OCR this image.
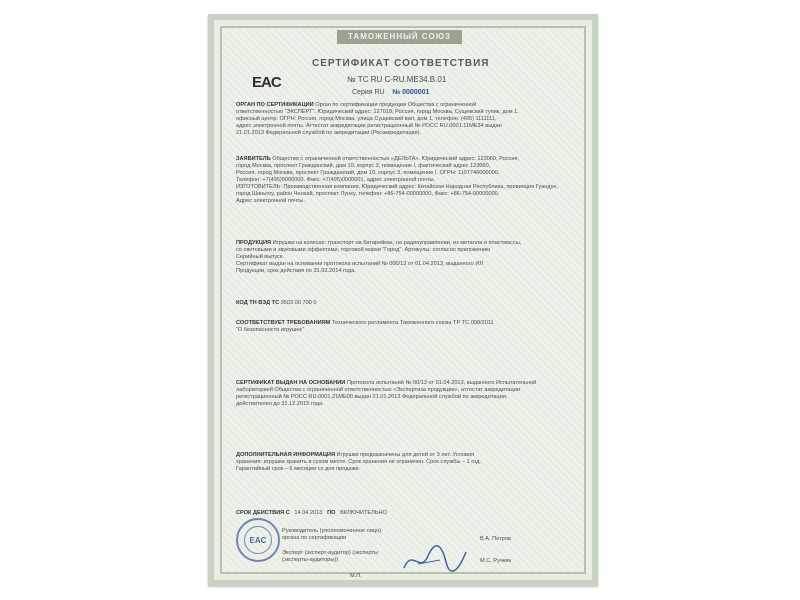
ТАМОЖЕННЫЙ СОЮЗ
EAC
СЕРТИФИКАТ СООТВЕТСТВИЯ
№ ТС RU C-RU.МЕ34.В.01
Серия RU № 0000001
ОРГАН ПО СЕРТИФИКАЦИИ Орган по сертификации продукции Общества с ограниченной
ответственностью "ЭКСПЕРТ". Юридический адрес: 127018, Россия, город Москва, Сущевский тупик, дом 1,
офисный центр. ОГРН: Россия, город Москва, улица Сущевский вал, дом 1, телефон: (495) 1111111,
адрес электронной почты. Аттестат аккредитации регистрационный № РОСС RU.0001.11МЕ34 выдан
21.01.2013 Федеральной службой по аккредитации (Росаккредитация).
ЗАЯВИТЕЛЬ Общество с ограниченной ответственностью «ДЕЛЬТА». Юридический адрес: 123060, Россия,
город Москва, проспект Гражданский, дом 10, корпус 3, помещение I, фактический адрес 123060,
Россия, город Москва, проспект Гражданский, дом 10, корпус 3, помещение I. ОГРН: 1107746000000.
Телефон: +7(495)0000000. Факс: +7(495)0000001, адрес электронной почты.
ИЗГОТОВИТЕЛЬ: Производственная компания, Юридический адрес: Китайская Народная Республика, провинция Гуандун,
город Шаньтоу, район Ченхай, проспект Лунху, телефон: +86-754-00000000, Факс: +86-754-00000000.
Адрес электронной почты.
ПРОДУКЦИЯ Игрушки на колесах: транспорт на батарейках, на радиоуправлении, из металла и пластмассы,
со световыми и звуковыми эффектами, торговой марки "Город". Артикулы: согласно приложению
Серийный выпуск.
Сертификат выдан на основании протокола испытаний № 000/13 от 01.04.2013, выданного ИЛ
Продукции, срок действия по 31.03.2014 года.
КОД ТН ВЭД ТС 9503 00 700 0
СООТВЕТСТВУЕТ ТРЕБОВАНИЯМ Технического регламента Таможенного союза ТР ТС 008/2011
"О безопасности игрушек"
СЕРТИФИКАТ ВЫДАН НА ОСНОВАНИИ Протокола испытаний № 00/13 от 01.04.2013, выданного Испытательной
лабораторией Общества с ограниченной ответственностью «Экспертиза продукции», аттестат аккредитации
регистрационный № РОСС RU.0001.21МЕ00 выдан 21.01.2013 Федеральной службой по аккредитации,
действителен до 31.12.2015 года.
ДОПОЛНИТЕЛЬНАЯ ИНФОРМАЦИЯ Игрушки предназначены для детей от 3 лет. Условия
хранения: игрушки хранить в сухом месте. Срок хранения не ограничен. Срок службы – 1 год.
Гарантийный срок – 6 месяцев со дня продажи.
СРОК ДЕЙСТВИЯ С 14.04.2013 ПО ВКЛЮЧИТЕЛЬНО
EAC
Руководитель (уполномоченное лицо) органа по сертификации
Эксперт (эксперт-аудитор) (эксперты (эксперты-аудиторы))
М.П.
В.А. Петров
М.С. Ручкин
